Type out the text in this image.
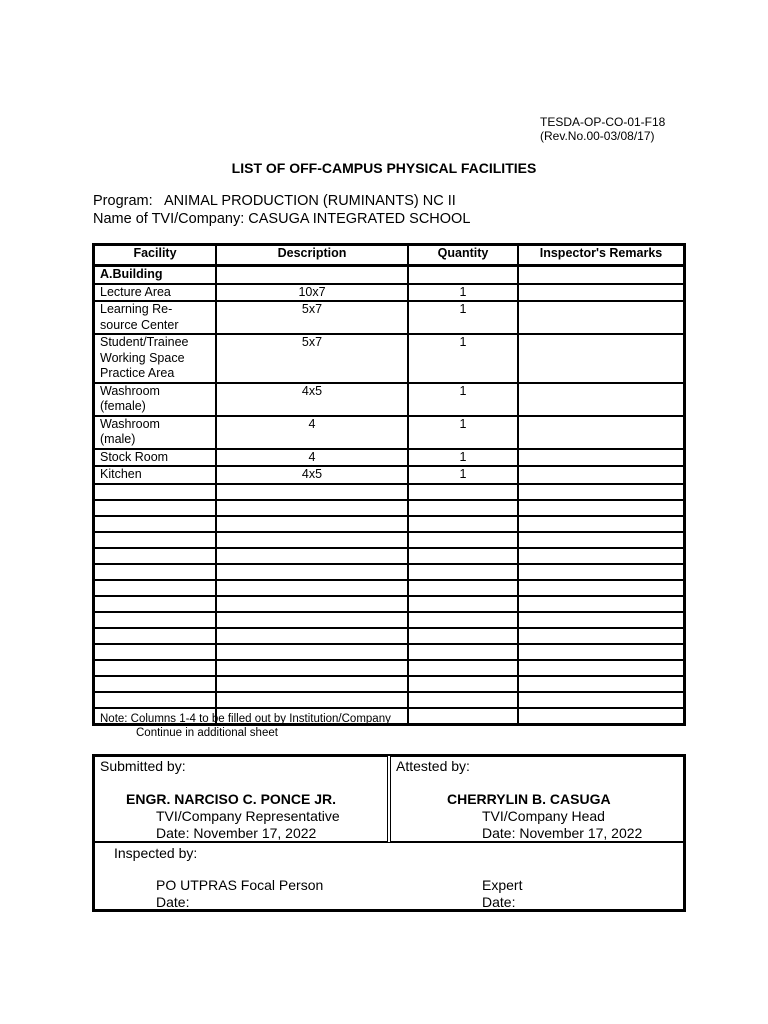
TESDA-OP-CO-01-F18
(Rev.No.00-03/08/17)
LIST OF OFF-CAMPUS PHYSICAL FACILITIES
Program: ANIMAL PRODUCTION (RUMINANTS) NC II
Name of TVI/Company: CASUGA INTEGRATED SCHOOL
Facility	Description	Quantity	Inspector's Remarks
A.Building			

Lecture Area	10x7	1	

Learning Re-
source Center	5x7	1	

Student/Trainee
Working Space
Practice Area	5x7	1	

Washroom
(female)	4x5	1	

Washroom
(male)	4	1	

Stock Room	4	1	

Kitchen	4x5	1	

Note: Columns 1-4 to be filled out by Institution/Company
Continue in additional sheet
Submitted by:
ENGR. NARCISO C. PONCE JR.
TVI/Company Representative
Date: November 17, 2022
Attested by:
CHERRYLIN B. CASUGA
TVI/Company Head
Date: November 17, 2022
Inspected by:
PO UTPRAS Focal Person
Date:
Expert
Date:
